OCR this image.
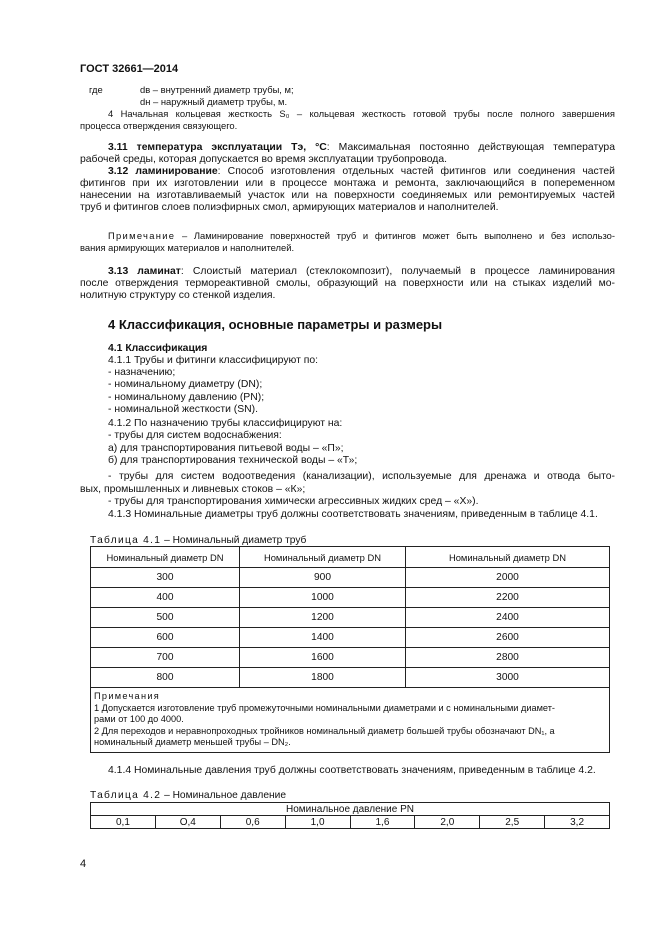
ГОСТ 32661—2014
где	dв – внутренний диаметр трубы, м;
dн – наружный диаметр трубы, м.
4 Начальная кольцевая жесткость S₀ – кольцевая жесткость готовой трубы после полного завершения
процесса отверждения связующего.
3.11 температура эксплуатации Тэ, °С: Максимальная постоянно действующая температура
рабочей среды, которая допускается во время эксплуатации трубопровода.
3.12 ламинирование: Способ изготовления отдельных частей фитингов или соединения частей
фитингов при их изготовлении или в процессе монтажа и ремонта, заключающийся в попеременном
нанесении на изготавливаемый участок или на поверхности соединяемых или ремонтируемых частей
труб и фитингов слоев полиэфирных смол, армирующих материалов и наполнителей.
Примечание – Ламинирование поверхностей труб и фитингов может быть выполнено и без использо-
вания армирующих материалов и наполнителей.
3.13 ламинат: Слоистый материал (стеклокомпозит), получаемый в процессе ламинирования
после отверждения термореактивной смолы, образующий на поверхности или на стыках изделий мо-
нолитную структуру со стенкой изделия.
4 Классификация, основные параметры и размеры
4.1 Классификация
4.1.1 Трубы и фитинги классифицируют по:
- назначению;
- номинальному диаметру (DN);
- номинальному давлению (PN);
- номинальной жесткости (SN).
4.1.2 По назначению трубы классифицируют на:
- трубы для систем водоснабжения:
а) для транспортирования питьевой воды – «П»;
б) для транспортирования технической воды – «Т»;
- трубы для систем водоотведения (канализации), используемые для дренажа и отвода быто-
вых, промышленных и ливневых стоков – «К»;
- трубы для транспортирования химически агрессивных жидких сред – «Х»).
4.1.3 Номинальные диаметры труб должны соответствовать значениям, приведенным в таблице 4.1.
Таблица 4.1 – Номинальный диаметр труб
Номинальный диаметр DN	Номинальный диаметр DN	Номинальный диаметр DN
300	900	2000
400	1000	2200
500	1200	2400
600	1400	2600
700	1600	2800
800	1800	3000

Примечания
1 Допускается изготовление труб промежуточными номинальными диаметрами и с номинальными диамет-
рами от 100 до 4000.
2 Для переходов и неравнопроходных тройников номинальный диаметр большей трубы обозначают DN₁, а
номинальный диаметр меньшей трубы – DN₂.		
4.1.4 Номинальные давления труб должны соответствовать значениям, приведенным в таблице 4.2.
Таблица 4.2 – Номинальное давление
Номинальное давление PN
0,1	О,4	0,6	1,0	1,6	2,0	2,5	3,2
4
